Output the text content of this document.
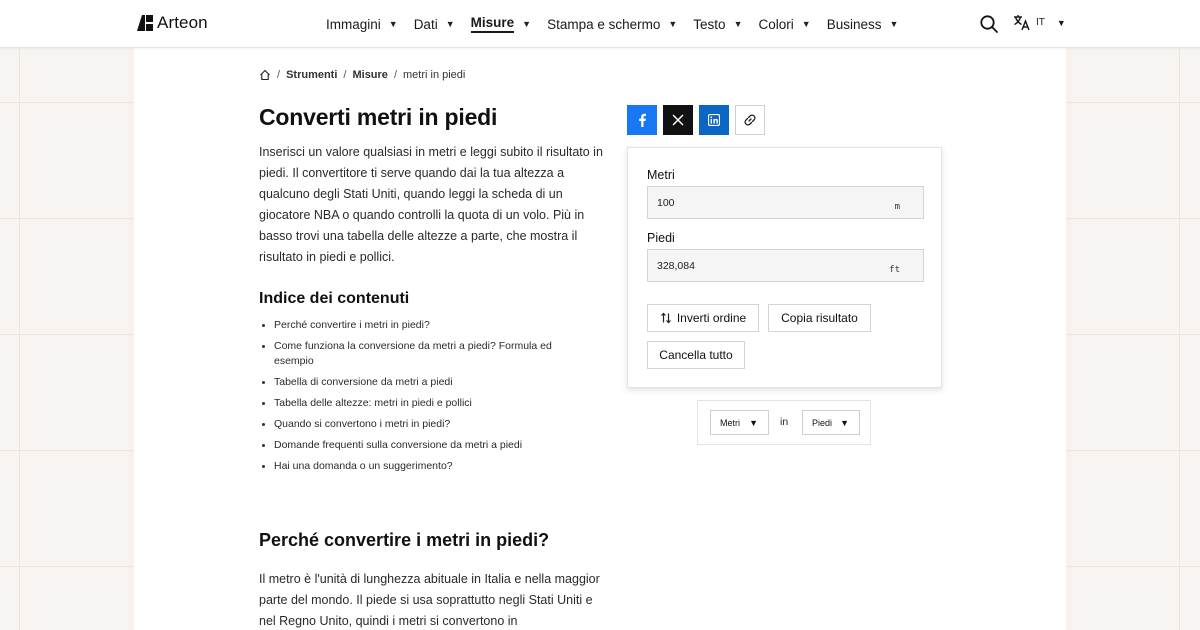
Arteon	Immagini ▼ Dati ▼ Misure ▼ Stampa e schermo ▼ Testo ▼ Colori ▼ Business ▼	IT ▼
/ Strumenti / Misure / metri in piedi
Converti metri in piedi

Inserisci un valore qualsiasi in metri e leggi subito il risultato in piedi. Il convertitore ti serve quando dai la tua altezza a qualcuno degli Stati Uniti, quando leggi la scheda di un giocatore NBA o quando controlli la quota di un volo. Più in basso trovi una tabella delle altezze a parte, che mostra il risultato in piedi e pollici.

Indice dei contenuti
Perché convertire i metri in piedi?
Come funziona la conversione da metri a piedi? Formula ed esempio
Tabella di conversione da metri a piedi
Tabella delle altezze: metri in piedi e pollici
Quando si convertono i metri in piedi?
Domande frequenti sulla conversione da metri a piedi
Hai una domanda o un suggerimento?
Perché convertire i metri in piedi?

Il metro è l'unità di lunghezza abituale in Italia e nella maggior parte del mondo. Il piede si usa soprattutto negli Stati Uniti e nel Regno Unito, quindi i metri si convertono in

Metri
100	m
Piedi
328,084	ft
Inverti ordine	Copia risultato
Cancella tutto
Metri ▼ in	Piedi ▼
